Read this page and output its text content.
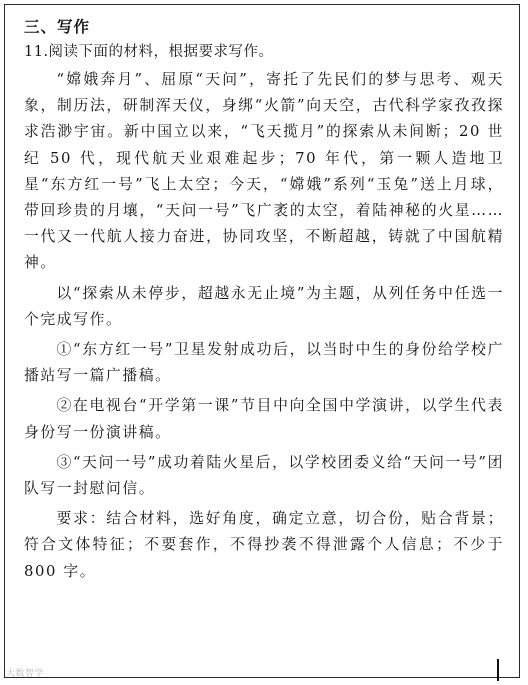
三、写作

11.阅读下面的材料，根据要求写作。

“嫦娥奔月”、屈原“天问”，寄托了先民们的梦与思考、观天象，制历法，研制浑天仪，身绑“火箭”向天空，古代科学家孜孜探求浩渺宇宙。新中国立以来，“飞天揽月”的探索从未间断；20 世纪 50 代，现代航天业艰难起步；70 年代，第一颗人造地卫星“东方红一号”飞上太空；今天，“嫦娥”系列“玉兔”送上月球，带回珍贵的月壤，“天问一号”飞广袤的太空，着陆神秘的火星……一代又一代航人接力奋进，协同攻坚，不断超越，铸就了中国航精神。

以“探索从未停步，超越永无止境”为主题，从列任务中任选一个完成写作。

①“东方红一号”卫星发射成功后，以当时中生的身份给学校广播站写一篇广播稿。

②在电视台“开学第一课”节目中向全国中学演讲，以学生代表身份写一份演讲稿。

③“天问一号”成功着陆火星后，以学校团委义给“天问一号”团队写一封慰问信。

要求：结合材料，选好角度，确定立意，切合份，贴合背景；符合文体特征；不要套作，不得抄袭不得泄露个人信息；不少于 800 字。

大数智学
